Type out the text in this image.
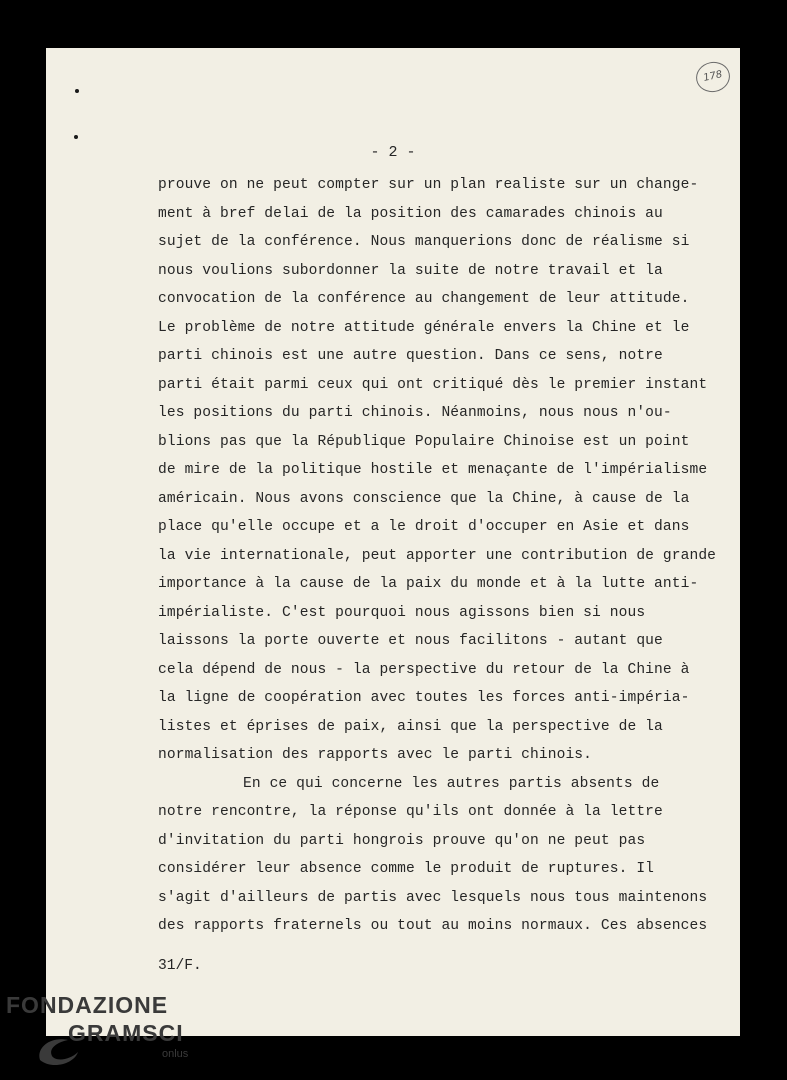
178
- 2 -
prouve on ne peut compter sur un plan realiste sur un change-
ment à bref delai de la position des camarades chinois au
sujet de la conférence. Nous manquerions donc de réalisme si
nous voulions subordonner la suite de notre travail et la
convocation de la conférence au changement de leur attitude.
Le problème de notre attitude générale envers la Chine et le
parti chinois est une autre question. Dans ce sens, notre
parti était parmi ceux qui ont critiqué dès le premier instant
les positions du parti chinois. Néanmoins, nous nous n'ou-
blions pas que la République Populaire Chinoise est un point
de mire de la politique hostile et menaçante de l'impérialisme
américain. Nous avons conscience que la Chine, à cause de la
place qu'elle occupe et a le droit d'occuper en Asie et dans
la vie internationale, peut apporter une contribution de grande
importance à la cause de la paix du monde et à la lutte anti-
impérialiste. C'est pourquoi nous agissons bien si nous
laissons la porte ouverte et nous facilitons - autant que
cela dépend de nous - la perspective du retour de la Chine à
la ligne de coopération avec toutes les forces anti-impéria-
listes et éprises de paix, ainsi que la perspective de la
normalisation des rapports avec le parti chinois.
En ce qui concerne les autres partis absents de
notre rencontre, la réponse qu'ils ont donnée à la lettre
d'invitation du parti hongrois prouve qu'on ne peut pas
considérer leur absence comme le produit de ruptures. Il
s'agit d'ailleurs de partis avec lesquels nous tous maintenons
des rapports fraternels ou tout au moins normaux. Ces absences
31/F.
FONDAZIONE
GRAMSCI
onlus
